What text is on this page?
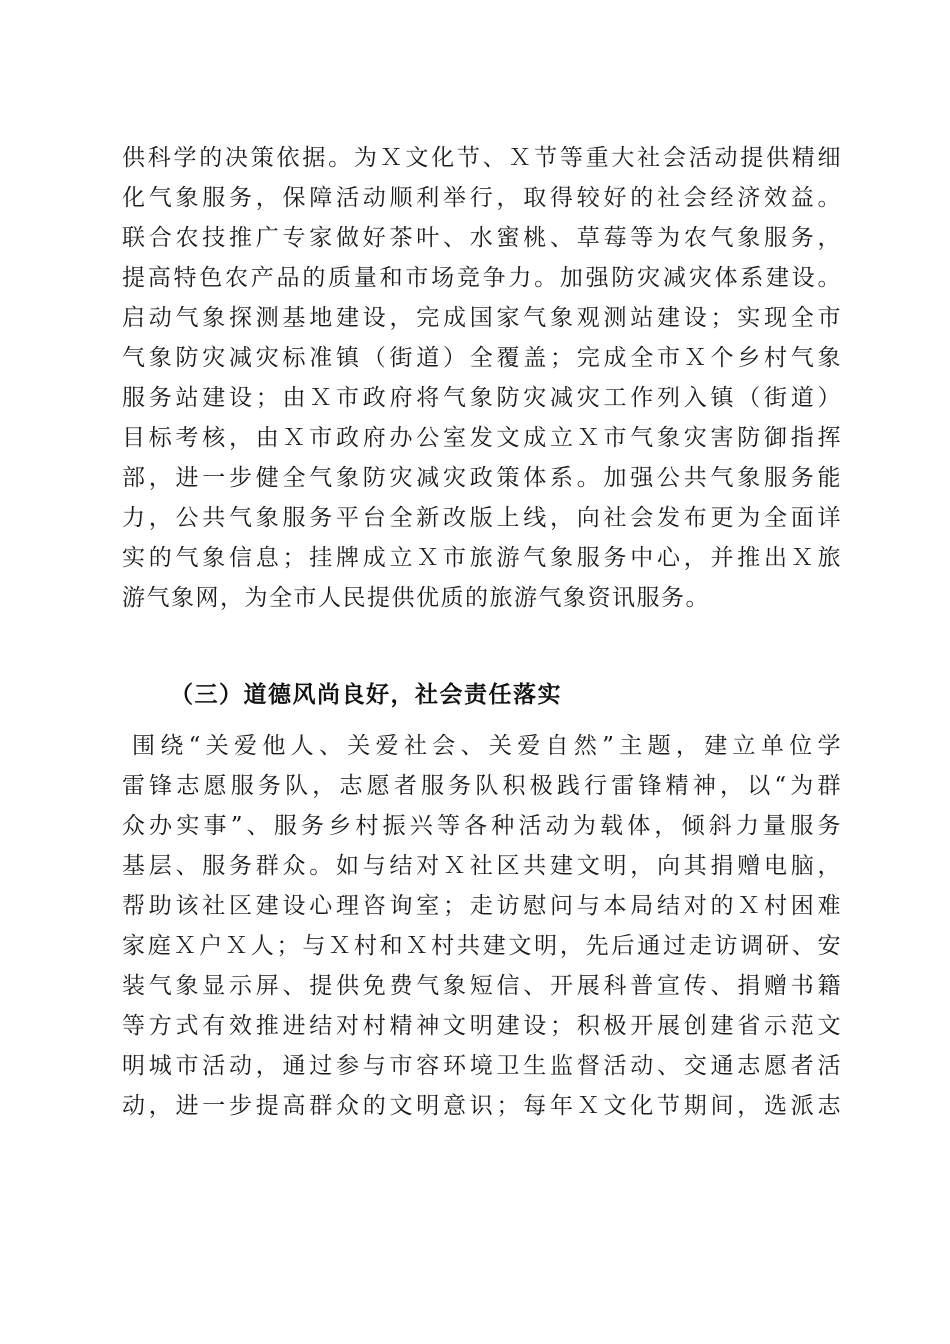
供科学的决策依据。为Ｘ文化节、Ｘ节等重大社会活动提供精细
化气象服务，保障活动顺利举行，取得较好的社会经济效益。
联合农技推广专家做好茶叶、水蜜桃、草莓等为农气象服务，
提高特色农产品的质量和市场竞争力。加强防灾减灾体系建设。
启动气象探测基地建设，完成国家气象观测站建设；实现全市
气象防灾减灾标准镇（街道）全覆盖；完成全市Ｘ个乡村气象
服务站建设；由Ｘ市政府将气象防灾减灾工作列入镇（街道）
目标考核，由Ｘ市政府办公室发文成立Ｘ市气象灾害防御指挥
部，进一步健全气象防灾减灾政策体系。加强公共气象服务能
力，公共气象服务平台全新改版上线，向社会发布更为全面详
实的气象信息；挂牌成立Ｘ市旅游气象服务中心，并推出Ｘ旅
游气象网，为全市人民提供优质的旅游气象资讯服务。
（三）道德风尚良好，社会责任落实
围绕“关爱他人、关爱社会、关爱自然”主题，建立单位学
雷锋志愿服务队，志愿者服务队积极践行雷锋精神，以“为群
众办实事”、服务乡村振兴等各种活动为载体，倾斜力量服务
基层、服务群众。如与结对Ｘ社区共建文明，向其捐赠电脑，
帮助该社区建设心理咨询室；走访慰问与本局结对的Ｘ村困难
家庭Ｘ户Ｘ人；与Ｘ村和Ｘ村共建文明，先后通过走访调研、安
装气象显示屏、提供免费气象短信、开展科普宣传、捐赠书籍
等方式有效推进结对村精神文明建设；积极开展创建省示范文
明城市活动，通过参与市容环境卫生监督活动、交通志愿者活
动，进一步提高群众的文明意识；每年Ｘ文化节期间，选派志
